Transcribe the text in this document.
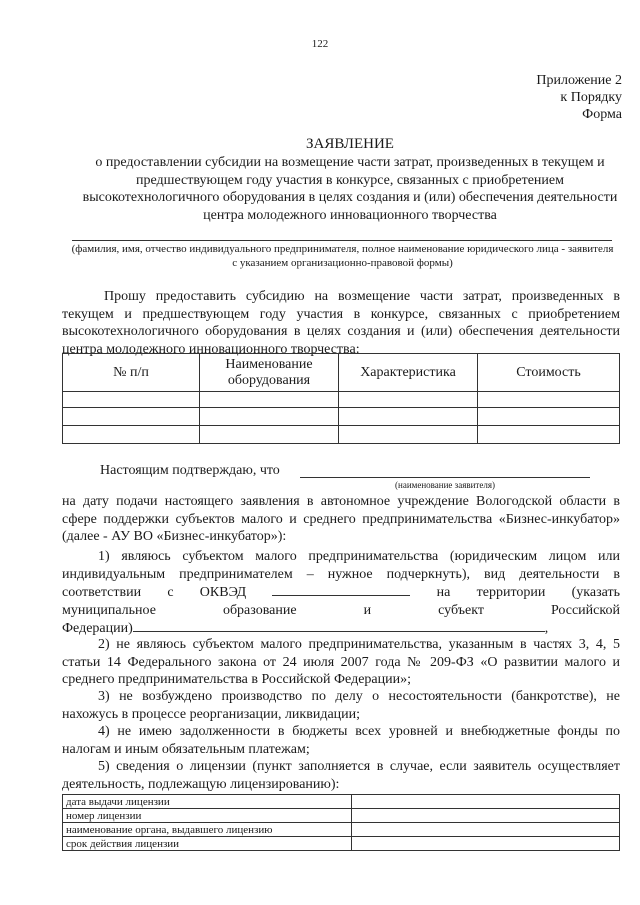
122
Приложение 2
к Порядку
Форма
ЗАЯВЛЕНИЕ
о предоставлении субсидии на возмещение части затрат, произведенных в текущем и предшествующем году участия в конкурсе, связанных с приобретением высокотехнологичного оборудования в целях создания и (или) обеспечения деятельности центра молодежного инновационного творчества
(фамилия, имя, отчество индивидуального предпринимателя, полное наименование юридического лица - заявителя с указанием организационно-правовой формы)
Прошу предоставить субсидию на возмещение части затрат, произведенных в текущем и предшествующем году участия в конкурсе, связанных с приобретением высокотехнологичного оборудования в целях создания и (или) обеспечения деятельности центра молодежного инновационного творчества:
№ п/п	Наименование оборудования	Характеристика	Стоимость

Настоящим подтверждаю, что
(наименование заявителя)
на дату подачи настоящего заявления в автономное учреждение Вологодской области в сфере поддержки субъектов малого и среднего предпринимательства «Бизнес-инкубатор» (далее - АУ ВО «Бизнес-инкубатор»):
1) являюсь субъектом малого предпринимательства (юридическим лицом или
индивидуальным предпринимателем – нужное подчеркнуть), вид деятельности в
соответствии с ОКВЭД	на территории (указать
муниципальное	образование	и	субъект	Российской
Федерации)	,
2) не являюсь субъектом малого предпринимательства, указанным в частях 3, 4, 5 статьи 14 Федерального закона от 24 июля 2007 года № 209-ФЗ «О развитии малого и среднего предпринимательства в Российской Федерации»;
3) не возбуждено производство по делу о несостоятельности (банкротстве), не нахожусь в процессе реорганизации, ликвидации;
4) не имею задолженности в бюджеты всех уровней и внебюджетные фонды по налогам и иным обязательным платежам;
5) сведения о лицензии (пункт заполняется в случае, если заявитель осуществляет деятельность, подлежащую лицензированию):
дата выдачи лицензии	
номер лицензии	
наименование органа, выдавшего лицензию	
срок действия лицензии	
